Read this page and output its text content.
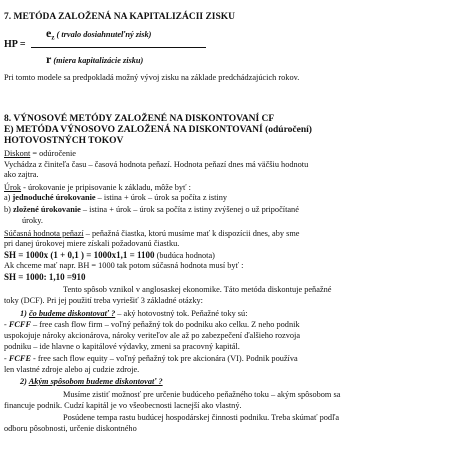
7. METÓDA ZALOŽENÁ NA KAPITALIZÁCII ZISKU
$e_z$ ( trvalo dosiahnuteľný zisk)
HP =
r (miera kapitalizácie zisku)
Pri tomto modele sa predpokladá možný vývoj zisku na základe predchádzajúcich rokov.
8. VÝNOSOVÉ METÓDY ZALOŽENÉ NA DISKONTOVANÍ CF
E) METÓDA VÝNOSOVO ZALOŽENÁ NA DISKONTOVANÍ (odúročení)
HOTOVOSTNÝCH TOKOV
Diskont = odúročenie
Vychádza z činiteľa času – časová hodnota peňazí. Hodnota peňazí dnes má väčšiu hodnotu
ako zajtra.
Úrok - úrokovanie je pripisovanie k základu, môže byť :
a) jednoduché úrokovanie – istina + úrok – úrok sa počíta z istiny
b) zložené úrokovanie – istina + úrok – úrok sa počíta z istiny zvýšenej o už pripočítané
úroky.
Súčasná hodnota peňazí – peňažná čiastka, ktorú musíme mať k dispozícii dnes, aby sme
pri danej úrokovej miere získali požadovanú čiastku.
SH = 1000x (1 + 0,1 ) = 1000x1,1 = 1100 (budúca hodnota)
Ak chceme mať napr. BH = 1000 tak potom súčasná hodnota musí byť :
SH = 1000: 1,10 =910
Tento spôsob vznikol v anglosaskej ekonomike. Táto metóda diskontuje peňažné
toky (DCF). Pri jej použití treba vyriešiť 3 základné otázky:
1) čo budeme diskontovať ? – aký hotovostný tok. Peňažné toky sú:
- FCFF – free cash flow firm – voľný peňažný tok do podniku ako celku. Z neho podnik
uspokojuje nároky akcionárova, nároky veriteľov ale až po zabezpečení ďalšieho rozvoja
podniku – ide hlavne o kapitálové výdavky, zmeni sa pracovný kapitál.
- FCFE - free sach flow equity – voľný peňažný tok pre akcionára (VI). Podnik používa
len vlastné zdroje alebo aj cudzie zdroje.
2) Akým spôsobom budeme diskontovať ?
Musíme zistiť možnosť pre určenie budúceho peňažného toku – akým spôsobom sa
financuje podnik. Cudzí kapitál je vo všeobecnosti lacnejší ako vlastný.
Posúdene tempa rastu budúcej hospodárskej činnosti podniku. Treba skúmať podľa
odboru pôsobnosti, určenie diskontného
